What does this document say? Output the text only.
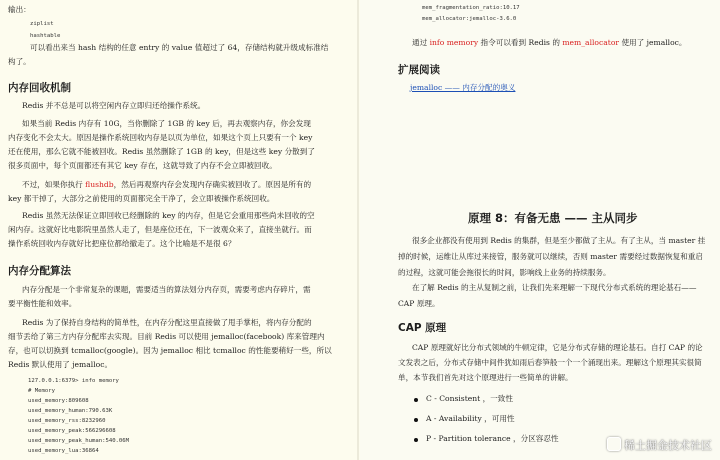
输出：
ziplist
hashtable
可以看出来当 hash 结构的任意 entry 的 value 值超过了 64，存储结构就升级成标准结
构了。
内存回收机制
Redis 并不总是可以将空闲内存立即归还给操作系统。
如果当前 Redis 内存有 10G，当你删除了 1GB 的 key 后，再去观察内存，你会发现
内存变化不会太大。原因是操作系统回收内存是以页为单位，如果这个页上只要有一个 key
还在使用，那么它就不能被回收。Redis 虽然删除了 1GB 的 key，但是这些 key 分散到了
很多页面中，每个页面都还有其它 key 存在，这就导致了内存不会立即被回收。
不过，如果你执行 flushdb，然后再观察内存会发现内存确实被回收了。原因是所有的
key 都干掉了，大部分之前使用的页面都完全干净了，会立即被操作系统回收。
Redis 虽然无法保证立即回收已经删除的 key 的内存，但是它会重用那些尚未回收的空
闲内存。这就好比电影院里虽然人走了，但是座位还在，下一波观众来了，直接坐就行。而
操作系统回收内存就好比把座位都给撤走了。这个比喻是不是很 6？
内存分配算法
内存分配是一个非常复杂的课题，需要适当的算法划分内存页，需要考虑内存碎片，需
要平衡性能和效率。
Redis 为了保持自身结构的简单性，在内存分配这里直接做了甩手掌柜，将内存分配的
细节丢给了第三方内存分配库去实现。目前 Redis 可以使用 jemalloc(facebook) 库来管理内
存，也可以切换到 tcmalloc(google)。因为 jemalloc 相比 tcmalloc 的性能要稍好一些，所以
Redis 默认使用了 jemalloc。
127.0.0.1:6379> info memory
# Memory
used_memory:809608
used_memory_human:790.63K
used_memory_rss:8232960
used_memory_peak:566296608
used_memory_peak_human:540.06M
used_memory_lua:36864
mem_fragmentation_ratio:10.17
mem_allocator:jemalloc-3.6.0
通过 info memory 指令可以看到 Redis 的 mem_allocator 使用了 jemalloc。
扩展阅读
jemalloc —— 内存分配的奥义
原理 8：有备无患 —— 主从同步
很多企业都没有使用到 Redis 的集群，但是至少都做了主从。有了主从，当 master 挂
掉的时候，运维让从库过来接管，服务就可以继续，否则 master 需要经过数据恢复和重启
的过程，这就可能会拖很长的时间，影响线上业务的持续服务。
在了解 Redis 的主从复制之前，让我们先来理解一下现代分布式系统的理论基石——
CAP 原理。
CAP 原理
CAP 原理就好比分布式领域的牛顿定律，它是分布式存储的理论基石。自打 CAP 的论
文发表之后，分布式存储中间件犹如雨后春笋般一个一个涌现出来。理解这个原理其实很简
单，本节我们首先对这个原理进行一些简单的讲解。
C - Consistent ，一致性
A - Availability ，可用性
P - Partition tolerance ，分区容忍性
稀土掘金技术社区
